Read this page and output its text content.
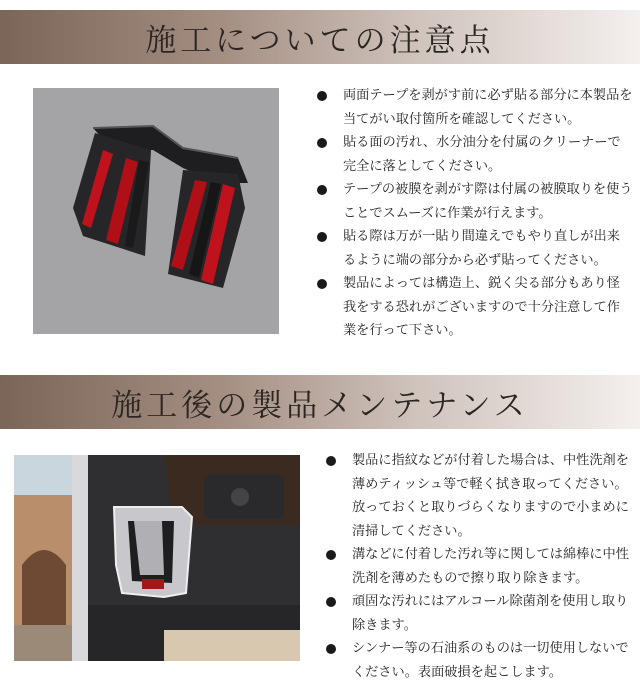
施工についての注意点
両面テープを剥がす前に必ず貼る部分に本製品を当てがい取付箇所を確認してください。
貼る面の汚れ、水分油分を付属のクリーナーで完全に落としてください。
テープの被膜を剥がす際は付属の被膜取りを使うことでスムーズに作業が行えます。
貼る際は万が一貼り間違えでもやり直しが出来るように端の部分から必ず貼ってください。
製品によっては構造上、鋭く尖る部分もあり怪我をする恐れがございますので十分注意して作業を行って下さい。
施工後の製品メンテナンス
製品に指紋などが付着した場合は、中性洗剤を薄めティッシュ等で軽く拭き取ってください。放っておくと取りづらくなりますので小まめに清掃してください。
溝などに付着した汚れ等に関しては綿棒に中性洗剤を薄めたもので擦り取り除きます。
頑固な汚れにはアルコール除菌剤を使用し取り除きます。
シンナー等の石油系のものは一切使用しないでください。表面破損を起こします。
